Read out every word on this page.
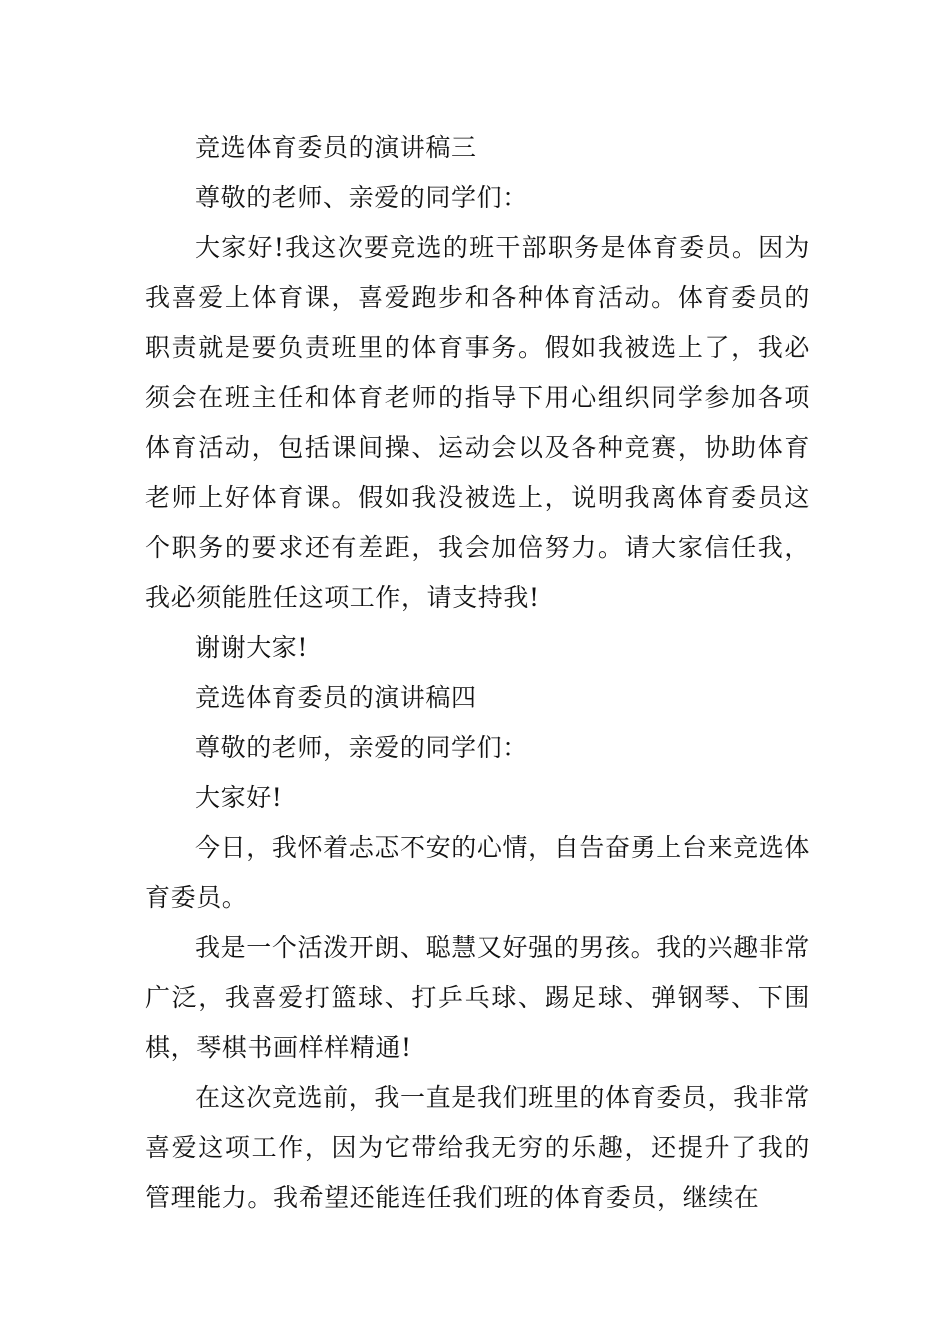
竞选体育委员的演讲稿三

尊敬的老师、亲爱的同学们：

大家好!我这次要竞选的班干部职务是体育委员。因为我喜爱上体育课，喜爱跑步和各种体育活动。体育委员的职责就是要负责班里的体育事务。假如我被选上了，我必须会在班主任和体育老师的指导下用心组织同学参加各项体育活动，包括课间操、运动会以及各种竞赛，协助体育老师上好体育课。假如我没被选上，说明我离体育委员这个职务的要求还有差距，我会加倍努力。请大家信任我，我必须能胜任这项工作，请支持我!

谢谢大家!

竞选体育委员的演讲稿四

尊敬的老师，亲爱的同学们：

大家好!

今日，我怀着忐忑不安的心情，自告奋勇上台来竞选体育委员。

我是一个活泼开朗、聪慧又好强的男孩。我的兴趣非常广泛，我喜爱打篮球、打乒乓球、踢足球、弹钢琴、下围棋，琴棋书画样样精通!

在这次竞选前，我一直是我们班里的体育委员，我非常喜爱这项工作，因为它带给我无穷的乐趣，还提升了我的管理能力。我希望还能连任我们班的体育委员，继续在
